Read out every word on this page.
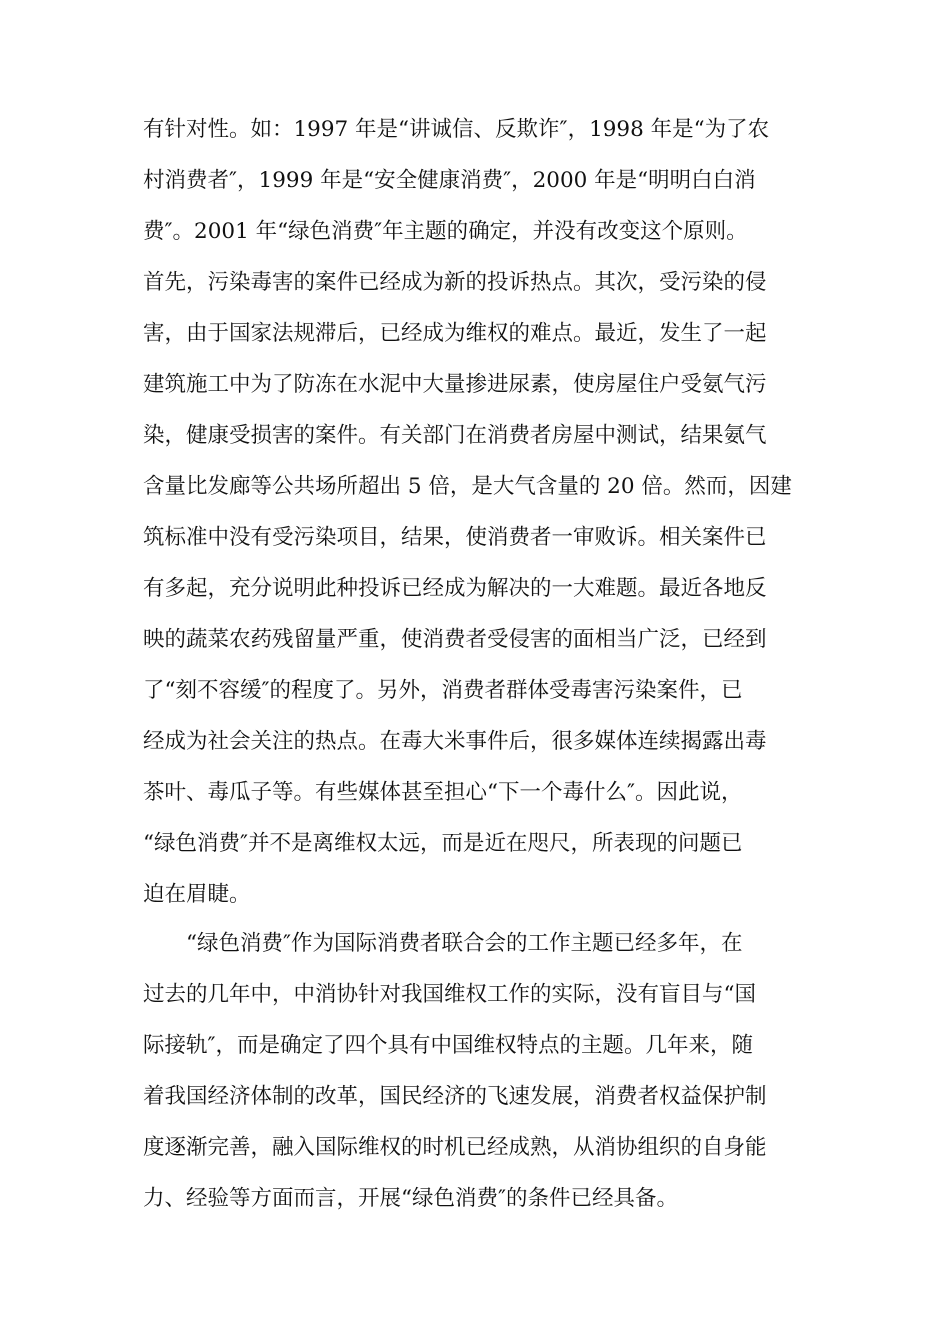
有针对性。如：1997 年是“讲诚信、反欺诈″，1998 年是“为了农
村消费者″，1999 年是“安全健康消费″，2000 年是“明明白白消
费″。2001 年“绿色消费″年主题的确定，并没有改变这个原则。
首先，污染毒害的案件已经成为新的投诉热点。其次，受污染的侵
害，由于国家法规滞后，已经成为维权的难点。最近，发生了一起
建筑施工中为了防冻在水泥中大量掺进尿素，使房屋住户受氨气污
染，健康受损害的案件。有关部门在消费者房屋中测试，结果氨气
含量比发廊等公共场所超出 5 倍，是大气含量的 20 倍。然而，因建
筑标准中没有受污染项目，结果，使消费者一审败诉。相关案件已
有多起，充分说明此种投诉已经成为解决的一大难题。最近各地反
映的蔬菜农药残留量严重，使消费者受侵害的面相当广泛，已经到
了“刻不容缓″的程度了。另外，消费者群体受毒害污染案件，已
经成为社会关注的热点。在毒大米事件后，很多媒体连续揭露出毒
茶叶、毒瓜子等。有些媒体甚至担心“下一个毒什么″。因此说，
“绿色消费″并不是离维权太远，而是近在咫尺，所表现的问题已
迫在眉睫。
　　“绿色消费″作为国际消费者联合会的工作主题已经多年，在
过去的几年中，中消协针对我国维权工作的实际，没有盲目与“国
际接轨″，而是确定了四个具有中国维权特点的主题。几年来，随
着我国经济体制的改革，国民经济的飞速发展，消费者权益保护制
度逐渐完善，融入国际维权的时机已经成熟，从消协组织的自身能
力、经验等方面而言，开展“绿色消费″的条件已经具备。
